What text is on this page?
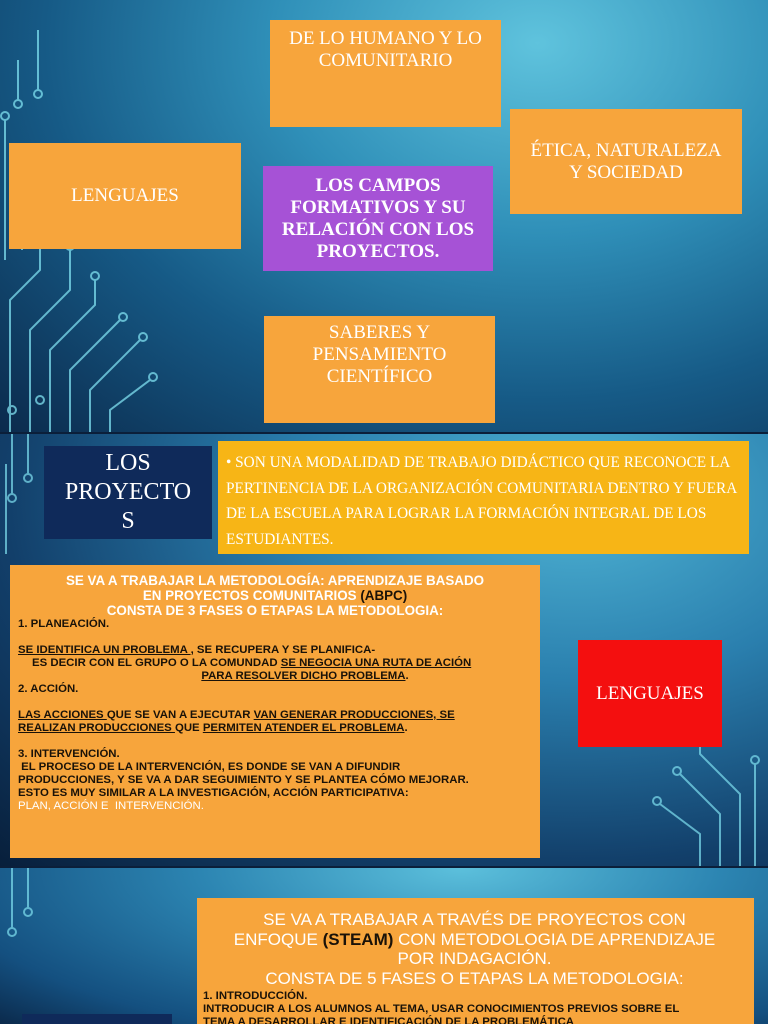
DE LO HUMANO Y LO COMUNITARIO
LENGUAJES
ÉTICA, NATURALEZA Y SOCIEDAD
LOS CAMPOS FORMATIVOS Y SU RELACIÓN CON LOS PROYECTOS.
SABERES Y PENSAMIENTO CIENTÍFICO
LOS
PROYECTO
S
• SON UNA MODALIDAD DE TRABAJO DIDÁCTICO QUE RECONOCE LA PERTINENCIA DE LA ORGANIZACIÓN COMUNITARIA DENTRO Y FUERA DE LA ESCUELA PARA LOGRAR LA FORMACIÓN INTEGRAL DE LOS ESTUDIANTES.
SE VA A TRABAJAR LA METODOLOGÍA: APRENDIZAJE BASADO
EN PROYECTOS COMUNITARIOS (ABPC)
CONSTA DE 3 FASES O ETAPAS LA METODOLOGIA:
1. PLANEACIÓN.
SE IDENTIFICA UN PROBLEMA , SE RECUPERA Y SE PLANIFICA-
ES DECIR CON EL GRUPO O LA COMUNDAD SE NEGOCIA UNA RUTA DE ACIÓN
PARA RESOLVER DICHO PROBLEMA.
2. ACCIÓN.
LAS ACCIONES QUE SE VAN A EJECUTAR VAN GENERAR PRODUCCIONES, SE
REALIZAN PRODUCCIONES QUE PERMITEN ATENDER EL PROBLEMA.
3. INTERVENCIÓN.
EL PROCESO DE LA INTERVENCIÓN, ES DONDE SE VAN A DIFUNDIR
PRODUCCIONES, Y SE VA A DAR SEGUIMIENTO Y SE PLANTEA CÓMO MEJORAR.
ESTO ES MUY SIMILAR A LA INVESTIGACIÓN, ACCIÓN PARTICIPATIVA:
PLAN, ACCIÓN E  INTERVENCIÓN.
LENGUAJES
SE VA A TRABAJAR A TRAVÉS DE PROYECTOS CON
ENFOQUE (STEAM) CON METODOLOGIA DE APRENDIZAJE
POR INDAGACIÓN.
CONSTA DE 5 FASES O ETAPAS LA METODOLOGIA:
1. INTRODUCCIÓN.
INTRODUCIR A LOS ALUMNOS AL TEMA, USAR CONOCIMIENTOS PREVIOS SOBRE EL
TEMA A DESARROLLAR E IDENTIFICACIÓN DE LA PROBLEMÁTICA
